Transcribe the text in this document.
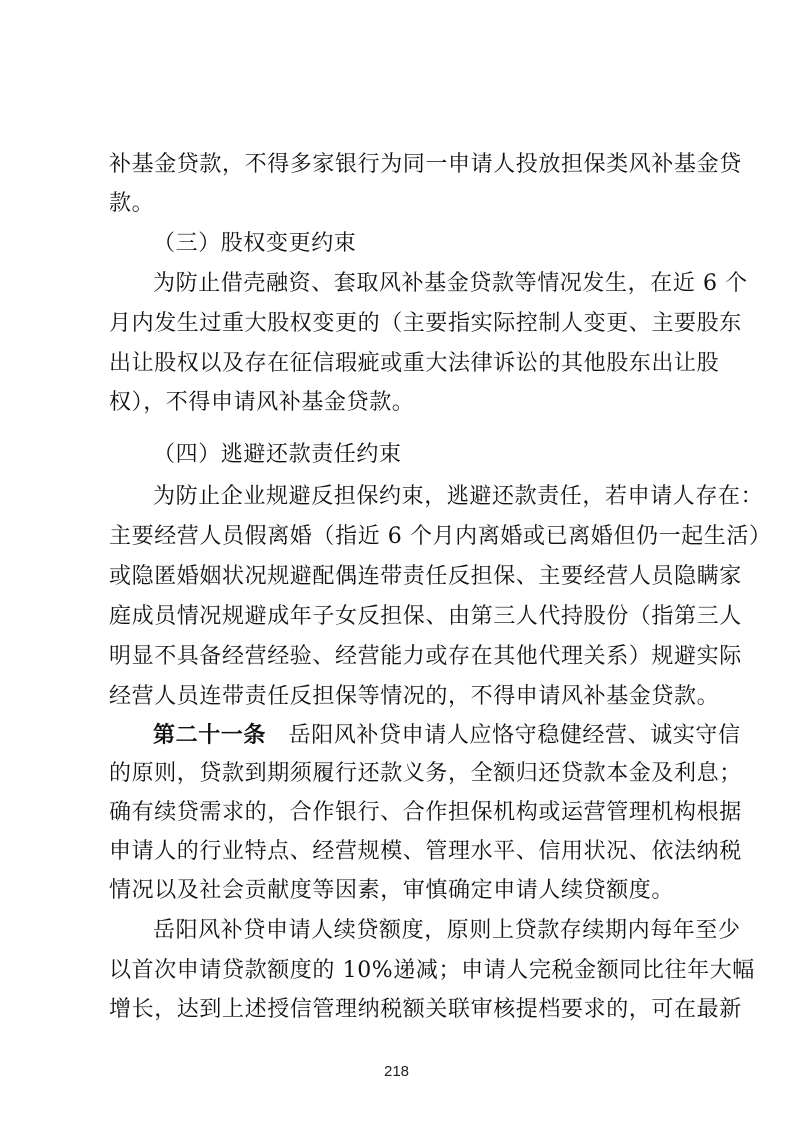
补基金贷款，不得多家银行为同一申请人投放担保类风补基金贷
款。
（三）股权变更约束
为防止借壳融资、套取风补基金贷款等情况发生，在近 6 个
月内发生过重大股权变更的（主要指实际控制人变更、主要股东
出让股权以及存在征信瑕疵或重大法律诉讼的其他股东出让股
权），不得申请风补基金贷款。
（四）逃避还款责任约束
为防止企业规避反担保约束，逃避还款责任，若申请人存在：
主要经营人员假离婚（指近 6 个月内离婚或已离婚但仍一起生活）
或隐匿婚姻状况规避配偶连带责任反担保、主要经营人员隐瞒家
庭成员情况规避成年子女反担保、由第三人代持股份（指第三人
明显不具备经营经验、经营能力或存在其他代理关系）规避实际
经营人员连带责任反担保等情况的，不得申请风补基金贷款。
第二十一条　岳阳风补贷申请人应恪守稳健经营、诚实守信
的原则，贷款到期须履行还款义务，全额归还贷款本金及利息；
确有续贷需求的，合作银行、合作担保机构或运营管理机构根据
申请人的行业特点、经营规模、管理水平、信用状况、依法纳税
情况以及社会贡献度等因素，审慎确定申请人续贷额度。
岳阳风补贷申请人续贷额度，原则上贷款存续期内每年至少
以首次申请贷款额度的 10%递减；申请人完税金额同比往年大幅
增长，达到上述授信管理纳税额关联审核提档要求的，可在最新
218
